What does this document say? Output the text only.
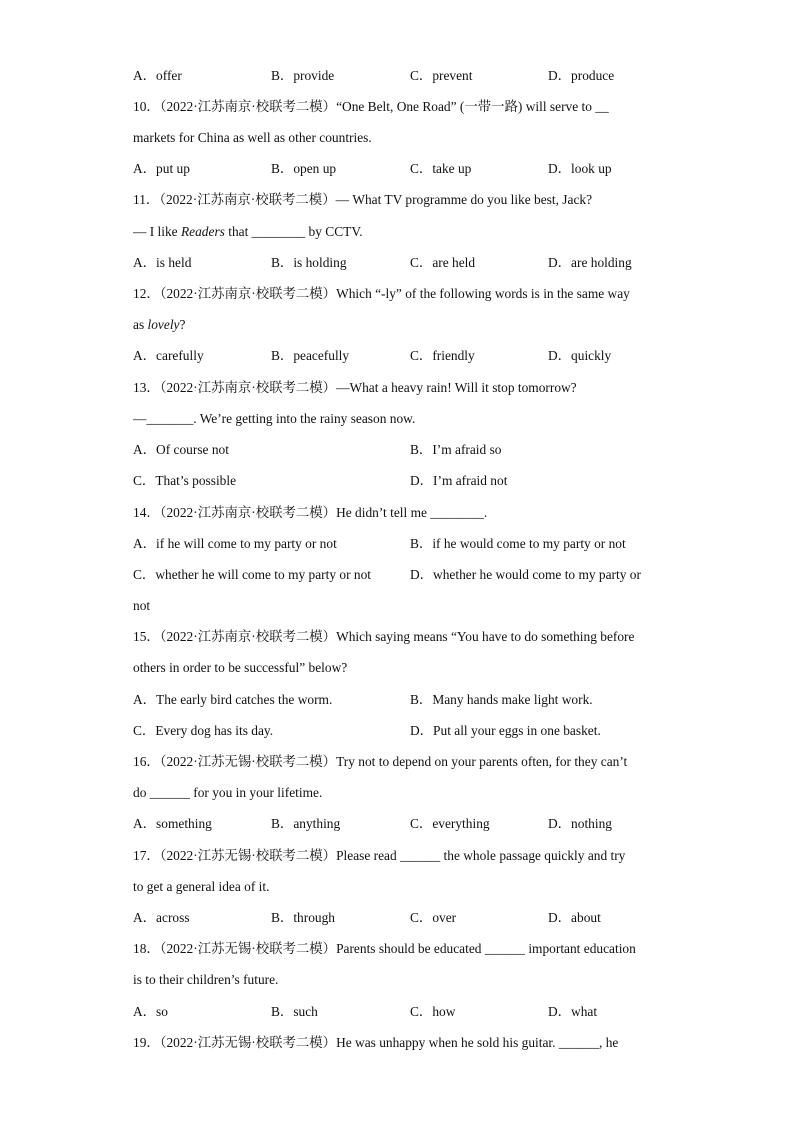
A．offer	B．provide	C．prevent	D．produce
10．（2022·江苏南京·校联考二模）“One Belt, One Road” (一带一路) will serve to __
markets for China as well as other countries.
A．put up	B．open up	C．take up	D．look up
11．（2022·江苏南京·校联考二模）— What TV programme do you like best, Jack?
— I like Readers that ________ by CCTV.
A．is held	B．is holding	C．are held	D．are holding
12．（2022·江苏南京·校联考二模）Which “-ly” of the following words is in the same way
as lovely?
A．carefully	B．peacefully	C．friendly	D．quickly
13．（2022·江苏南京·校联考二模）—What a heavy rain! Will it stop tomorrow?
—_______. We’re getting into the rainy season now.
A．Of course not	B．I’m afraid so
C．That’s possible	D．I’m afraid not
14．（2022·江苏南京·校联考二模）He didn’t tell me ________.
A．if he will come to my party or not	B．if he would come to my party or not
C．whether he will come to my party or not	D．whether he would come to my party or
not
15．（2022·江苏南京·校联考二模）Which saying means “You have to do something before
others in order to be successful” below?
A．The early bird catches the worm.	B．Many hands make light work.
C．Every dog has its day.	D．Put all your eggs in one basket.
16．（2022·江苏无锡·校联考二模）Try not to depend on your parents often, for they can’t
do ______ for you in your lifetime.
A．something	B．anything	C．everything	D．nothing
17．（2022·江苏无锡·校联考二模）Please read ______ the whole passage quickly and try
to get a general idea of it.
A．across	B．through	C．over	D．about
18．（2022·江苏无锡·校联考二模）Parents should be educated ______ important education
is to their children’s future.
A．so	B．such	C．how	D．what
19．（2022·江苏无锡·校联考二模）He was unhappy when he sold his guitar. ______, he
